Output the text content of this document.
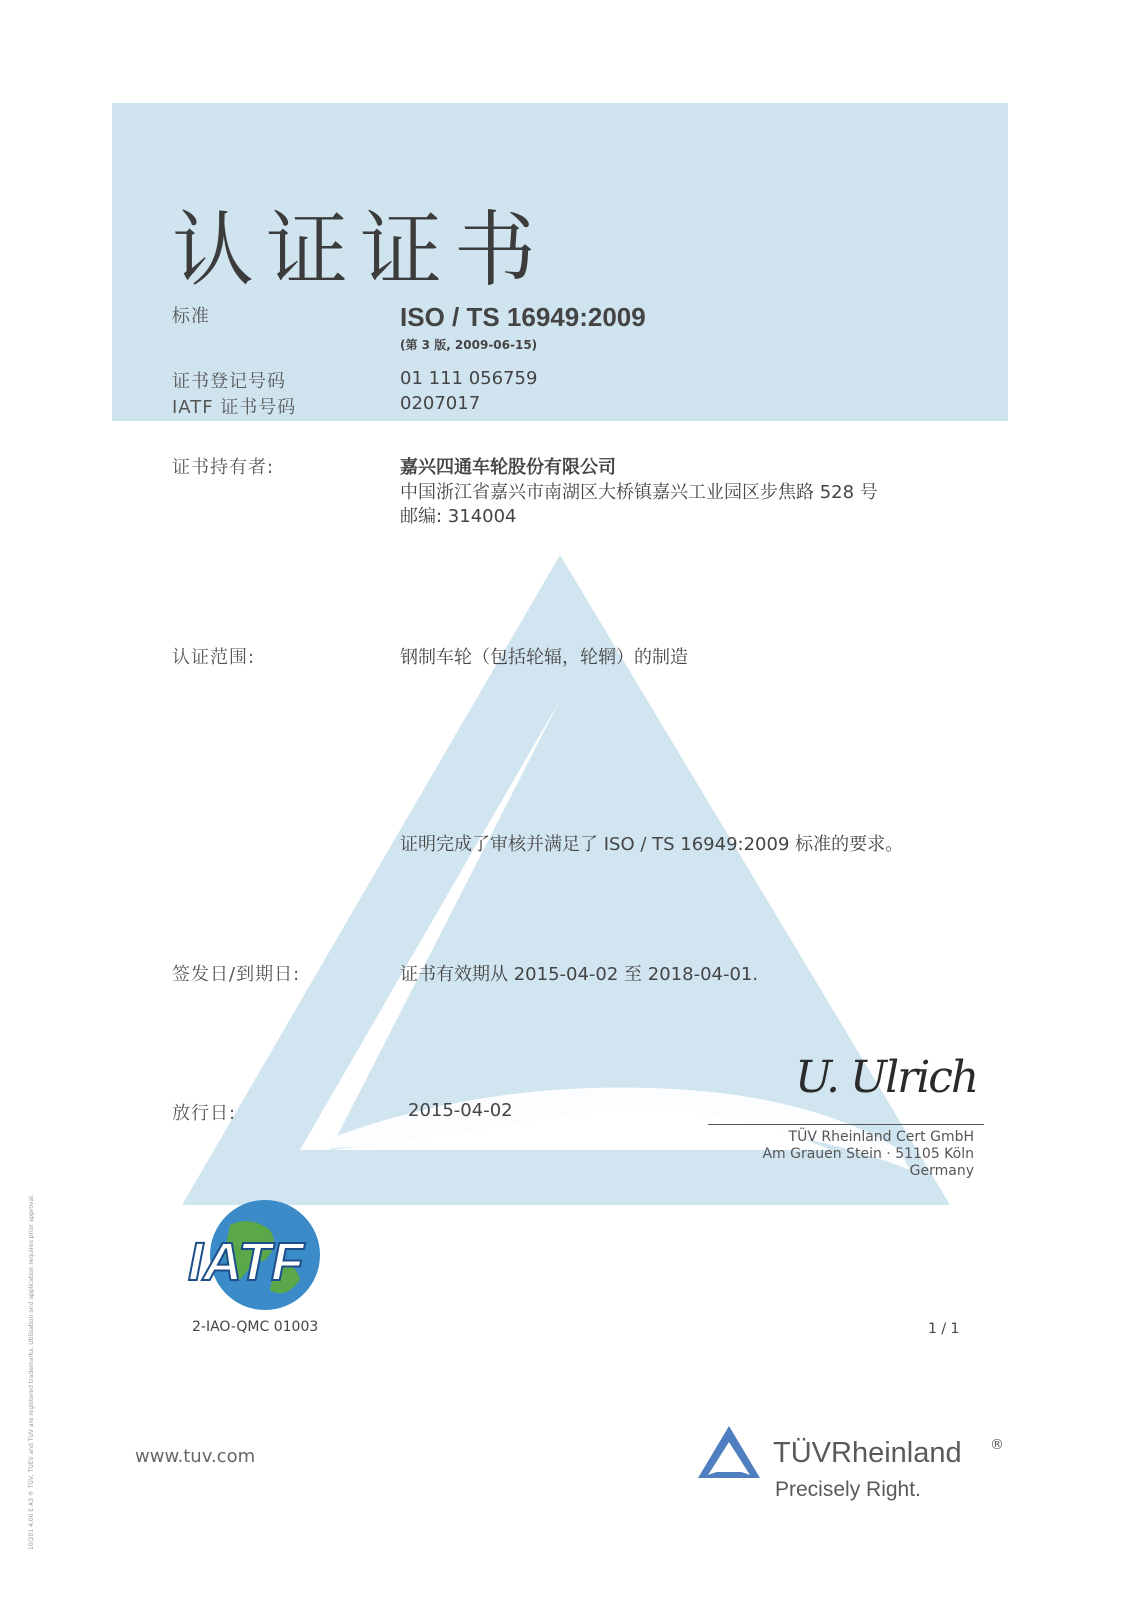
认证证书
标准	ISO / TS 16949:2009
(第 3 版, 2009-06-15)
证书登记号码	01 111 056759
IATF 证书号码	0207017
证书持有者:	嘉兴四通车轮股份有限公司
中国浙江省嘉兴市南湖区大桥镇嘉兴工业园区步焦路 528 号
邮编: 314004
认证范围:	钢制车轮（包括轮辐，轮辋）的制造
证明完成了审核并满足了 ISO / TS 16949:2009 标准的要求。
签发日/到期日:	证书有效期从 2015-04-02 至 2018-04-01.
放行日:	2015-04-02
U. Ulrich
TÜV Rheinland Cert GmbH
Am Grauen Stein · 51105 Köln
Germany
IATF
2-IAO-QMC 01003	1 / 1
www.tuv.com	TÜVRheinland ®
Precisely Right.
10/201 4.06 E A3 ® TÜV, TUEV and TUV are registered trademarks. Utilisation and application requires prior approval.
